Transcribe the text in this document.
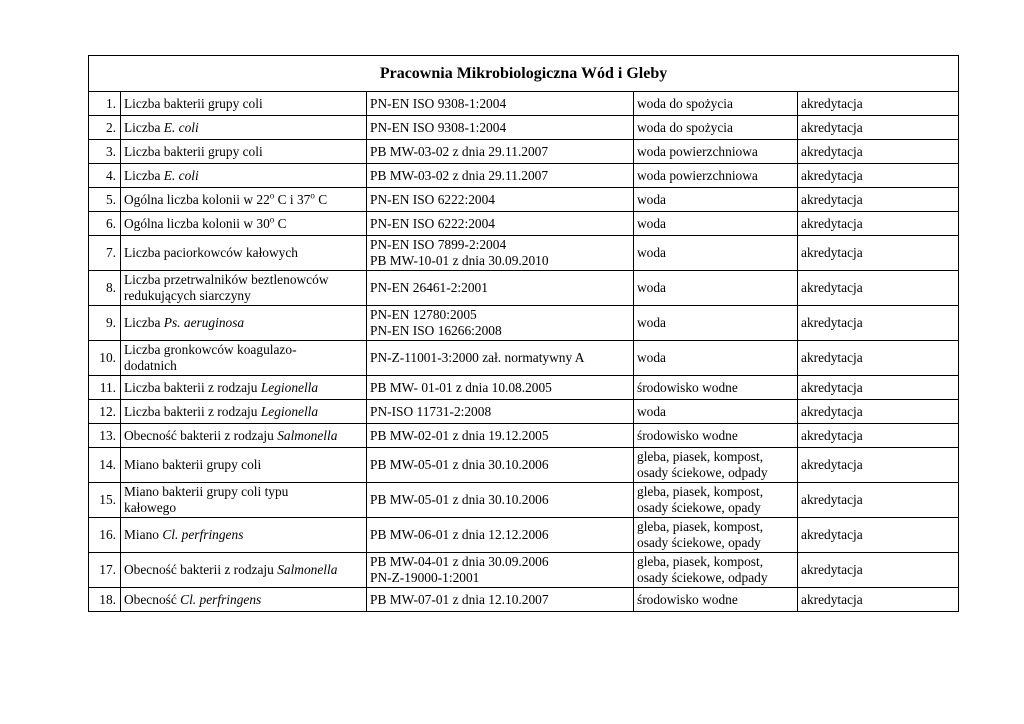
Pracownia Mikrobiologiczna Wód i Gleby				
1.	Liczba bakterii grupy coli	PN-EN ISO 9308-1:2004	woda do spożycia	akredytacja
2.	Liczba E. coli	PN-EN ISO 9308-1:2004	woda do spożycia	akredytacja
3.	Liczba bakterii grupy coli	PB MW-03-02 z dnia 29.11.2007	woda powierzchniowa	akredytacja
4.	Liczba E. coli	PB MW-03-02 z dnia 29.11.2007	woda powierzchniowa	akredytacja
5.	Ogólna liczba kolonii w 22$^o$ C i 37$^o$ C	PN-EN ISO 6222:2004	woda	akredytacja
6.	Ogólna liczba kolonii w 30$^o$ C	PN-EN ISO 6222:2004	woda	akredytacja
7.	Liczba paciorkowców kałowych	PN-EN ISO 7899-2:2004
PB MW-10-01 z dnia 30.09.2010	woda	akredytacja
8.	Liczba przetrwalników beztlenowców
redukujących siarczyny	PN-EN 26461-2:2001	woda	akredytacja
9.	Liczba Ps. aeruginosa	PN-EN 12780:2005
PN-EN ISO 16266:2008	woda	akredytacja
10.	Liczba gronkowców koagulazo-
dodatnich	PN-Z-11001-3:2000 zał. normatywny A	woda	akredytacja
11.	Liczba bakterii z rodzaju Legionella	PB MW- 01-01 z dnia 10.08.2005	środowisko wodne	akredytacja
12.	Liczba bakterii z rodzaju Legionella	PN-ISO 11731-2:2008	woda	akredytacja
13.	Obecność bakterii z rodzaju Salmonella	PB MW-02-01 z dnia 19.12.2005	środowisko wodne	akredytacja
14.	Miano bakterii grupy coli	PB MW-05-01 z dnia 30.10.2006	gleba, piasek, kompost,
osady ściekowe, odpady	akredytacja
15.	Miano bakterii grupy coli typu
kałowego	PB MW-05-01 z dnia 30.10.2006	gleba, piasek, kompost,
osady ściekowe, opady	akredytacja
16.	Miano Cl. perfringens	PB MW-06-01 z dnia 12.12.2006	gleba, piasek, kompost,
osady ściekowe, opady	akredytacja
17.	Obecność bakterii z rodzaju Salmonella	PB MW-04-01 z dnia 30.09.2006
PN-Z-19000-1:2001	gleba, piasek, kompost,
osady ściekowe, odpady	akredytacja
18.	Obecność Cl. perfringens	PB MW-07-01 z dnia 12.10.2007	środowisko wodne	akredytacja
